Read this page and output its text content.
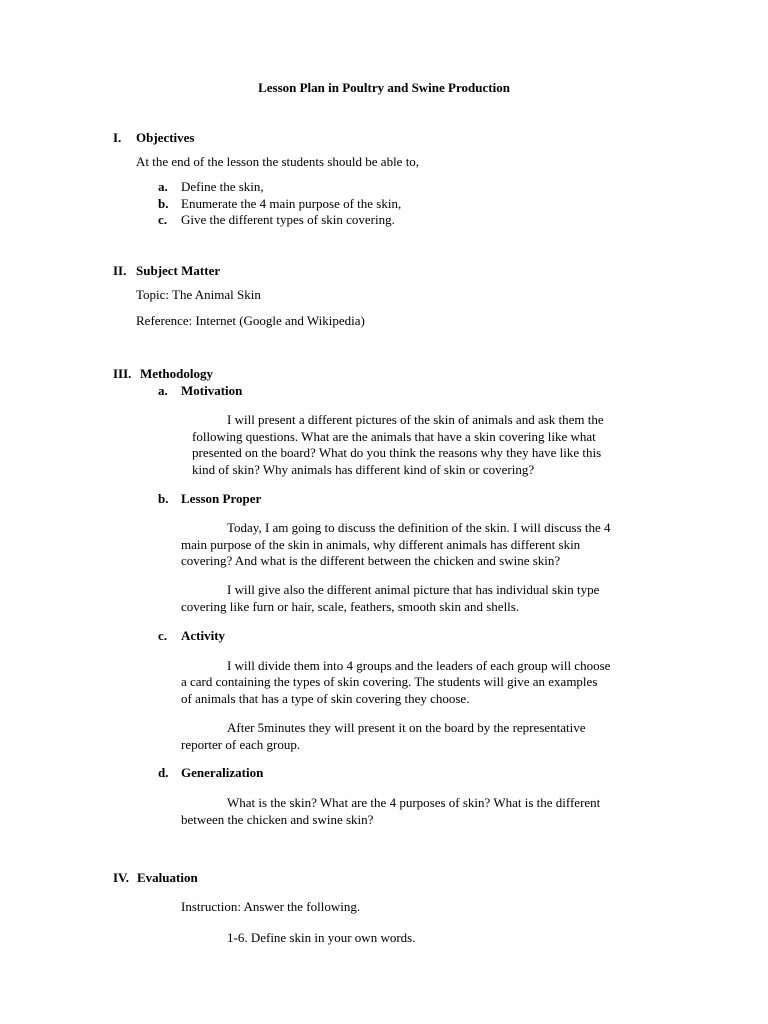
Lesson Plan in Poultry and Swine Production
I. Objectives
At the end of the lesson the students should be able to,
a. Define the skin,
b. Enumerate the 4 main purpose of the skin,
c. Give the different types of skin covering.
II. Subject Matter
Topic: The Animal Skin
Reference: Internet (Google and Wikipedia)
III. Methodology
a. Motivation
I will present a different pictures of the skin of animals and ask them the
following questions. What are the animals that have a skin covering like what
presented on the board? What do you think the reasons why they have like this
kind of skin? Why animals has different kind of skin or covering?
b. Lesson Proper
Today, I am going to discuss the definition of the skin. I will discuss the 4
main purpose of the skin in animals, why different animals has different skin
covering? And what is the different between the chicken and swine skin?
I will give also the different animal picture that has individual skin type
covering like furn or hair, scale, feathers, smooth skin and shells.
c. Activity
I will divide them into 4 groups and the leaders of each group will choose
a card containing the types of skin covering. The students will give an examples
of animals that has a type of skin covering they choose.
After 5minutes they will present it on the board by the representative
reporter of each group.
d. Generalization
What is the skin? What are the 4 purposes of skin? What is the different
between the chicken and swine skin?
IV. Evaluation
Instruction: Answer the following.
1-6. Define skin in your own words.
